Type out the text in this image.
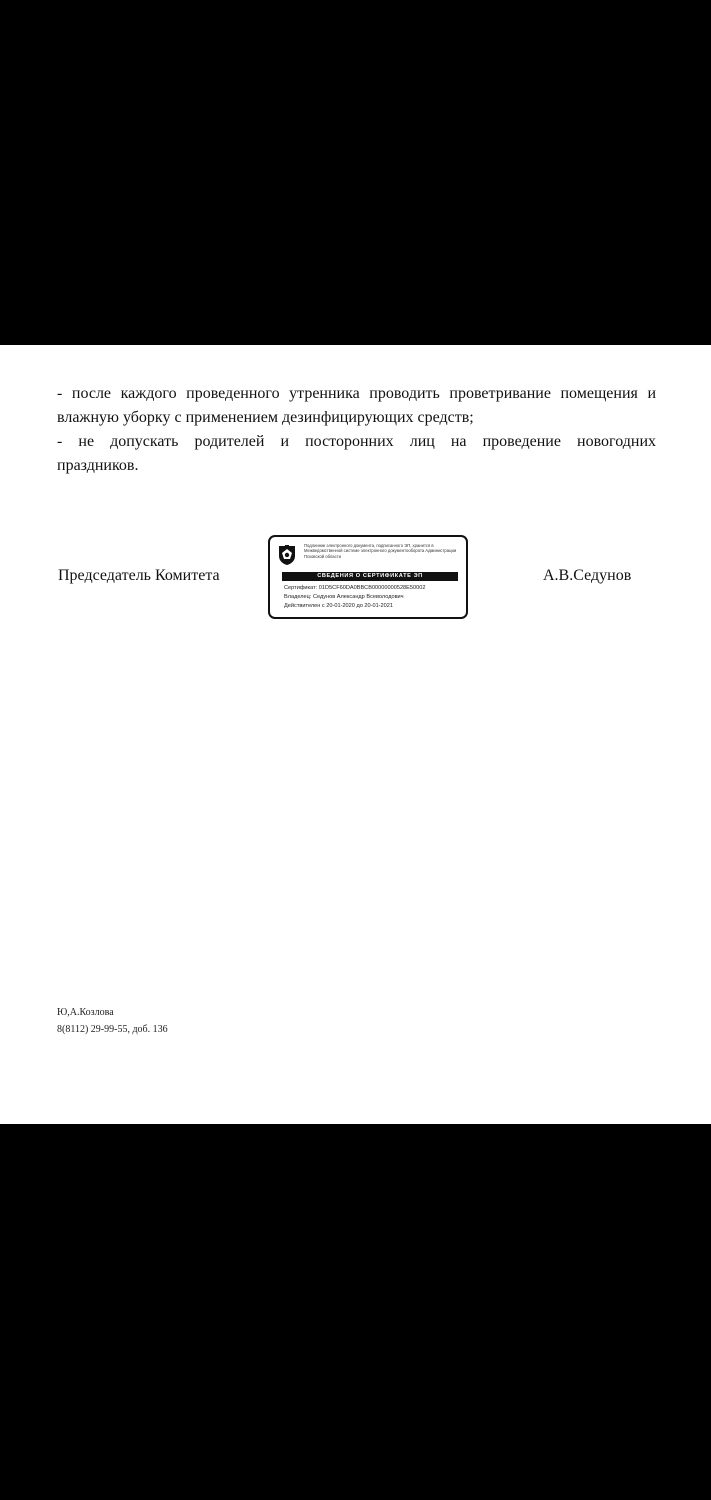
- после каждого проведенного утренника проводить проветривание помещения и влажную уборку с применением дезинфицирующих средств;

- не допускать родителей и посторонних лиц на проведение новогодних праздников.

Председатель Комитета
Подлинник электронного документа, подписанного ЭП, хранится в Межведомственной системе электронного документооборота Администрации Псковской области
СВЕДЕНИЯ О СЕРТИФИКАТЕ ЭП
Сертификат: 01D5CF60DA0BBCB00000000528E50002
Владелец: Седунов Александр Всеволодович
Действителен с 20-01-2020 до 20-01-2021
А.В.Седунов
Ю,А.Козлова
8(8112) 29-99-55, доб. 136
